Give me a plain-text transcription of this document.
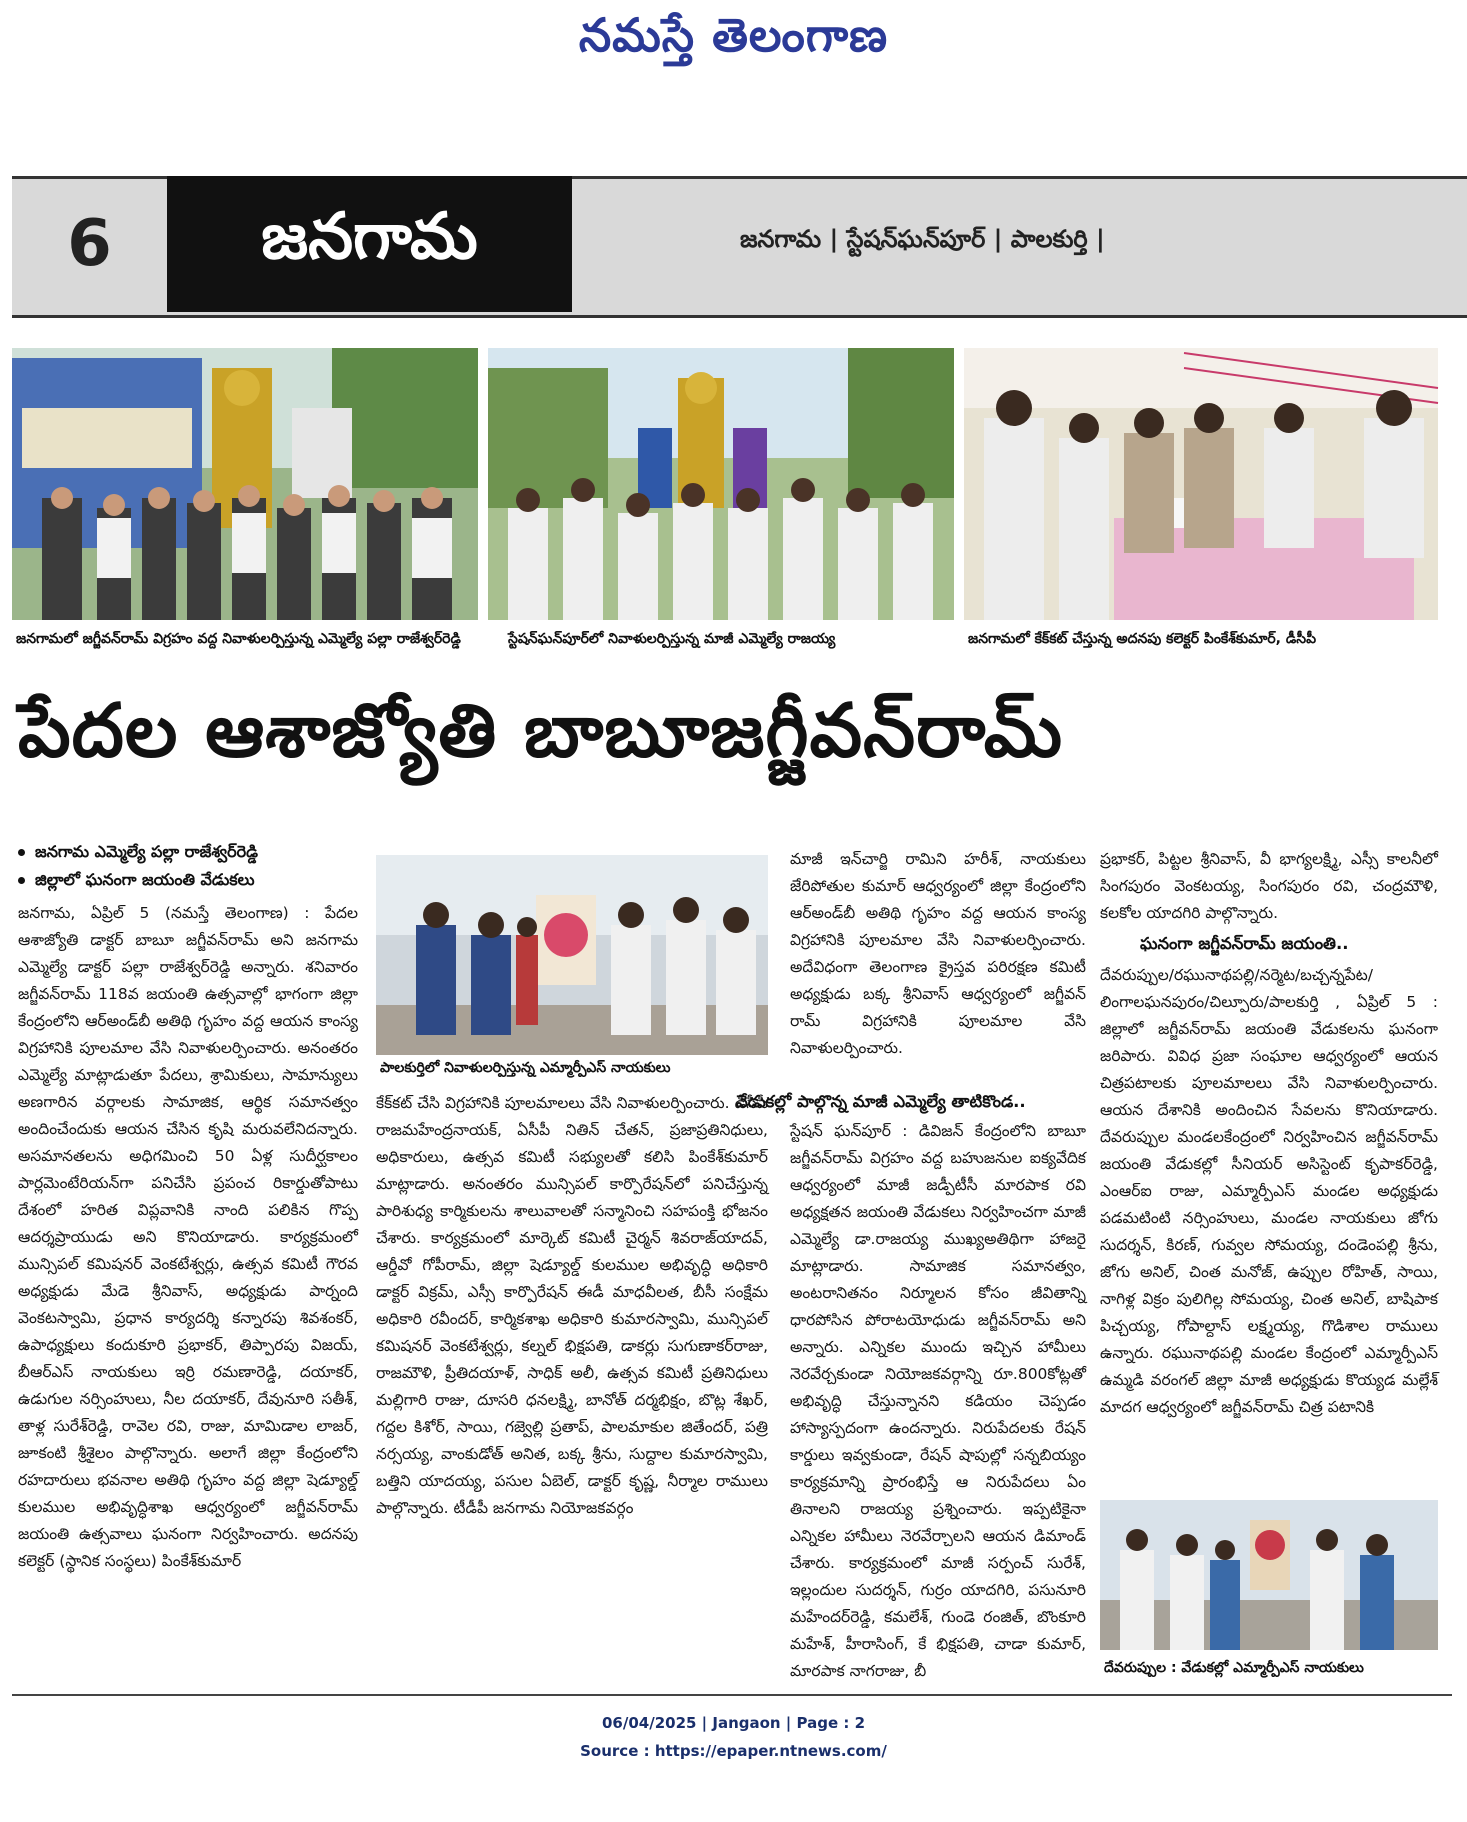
నమస్తే తెలంగాణ
6	జనగామ	జనగామ | స్టేషన్‌ఘన్‌పూర్ | పాలకుర్తి |
జనగామలో జగ్జీవన్‌రామ్ విగ్రహం వద్ద నివాళులర్పిస్తున్న ఎమ్మెల్యే పల్లా రాజేశ్వర్‌రెడ్డి	స్టేషన్‌ఘన్‌పూర్‌లో నివాళులర్పిస్తున్న మాజీ ఎమ్మెల్యే రాజయ్య	జనగామలో కేక్‌కట్ చేస్తున్న అదనపు కలెక్టర్ పింకేశ్‌కుమార్, డీసీపీ
పేదల ఆశాజ్యోతి బాబూజగ్జీవన్‌రామ్
జనగామ ఎమ్మెల్యే పల్లా రాజేశ్వర్‌రెడ్డి
జిల్లాలో ఘనంగా జయంతి వేడుకలు
జనగామ, ఏప్రిల్ 5 (నమస్తే తెలంగాణ) : పేదల ఆశాజ్యోతి డాక్టర్ బాబూ జగ్జీవన్‌రామ్ అని జనగామ ఎమ్మెల్యే డాక్టర్ పల్లా రాజేశ్వర్‌రెడ్డి అన్నారు. శనివారం జగ్జీవన్‌రామ్ 118వ జయంతి ఉత్సవాల్లో భాగంగా జిల్లా కేంద్రంలోని ఆర్‌అండ్‌బీ అతిథి గృహం వద్ద ఆయన కాంస్య విగ్రహానికి పూలమాల వేసి నివాళులర్పించారు. అనంతరం ఎమ్మెల్యే మాట్లాడుతూ పేదలు, శ్రామికులు, సామాన్యులు అణగారిన వర్గాలకు సామాజిక, ఆర్థిక సమానత్వం అందించేందుకు ఆయన చేసిన కృషి మరువలేనిదన్నారు. అసమానతలను అధిగమించి 50 ఏళ్ల సుదీర్ఘకాలం పార్లమెంటేరియన్‌గా పనిచేసి ప్రపంచ రికార్డుతోపాటు దేశంలో హరిత విప్లవానికి నాంది పలికిన గొప్ప ఆదర్శప్రాయుడు అని కొనియాడారు. కార్యక్రమంలో మున్సిపల్ కమిషనర్ వెంకటేశ్వర్లు, ఉత్సవ కమిటీ గౌరవ అధ్యక్షుడు మేడె శ్రీనివాస్, అధ్యక్షుడు పార్నంది వెంకటస్వామి, ప్రధాన కార్యదర్శి కన్నారపు శివశంకర్, ఉపాధ్యక్షులు కందుకూరి ప్రభాకర్, తిప్పారపు విజయ్, బీఆర్‌ఎస్ నాయకులు ఇర్రి రమణారెడ్డి, దయాకర్, ఉడుగుల నర్సింహులు, నీల దయాకర్, దేవునూరి సతీశ్, తాళ్ల సురేశ్‌రెడ్డి, రావెల రవి, రాజు, మామిడాల లాజర్, జూకంటి శ్రీశైలం పాల్గొన్నారు. అలాగే జిల్లా కేంద్రంలోని రహదారులు భవనాల అతిథి గృహం వద్ద జిల్లా షెడ్యూల్డ్ కులముల అభివృద్ధిశాఖ ఆధ్వర్యంలో జగ్జీవన్‌రామ్ జయంతి ఉత్సవాలు ఘనంగా నిర్వహించారు. అదనపు కలెక్టర్ (స్థానిక సంస్థలు) పింకేశ్‌కుమార్
పాలకుర్తిలో నివాళులర్పిస్తున్న ఎమ్మార్పీఎస్ నాయకులు
కేక్‌కట్ చేసి విగ్రహానికి పూలమాలలు వేసి నివాళులర్పించారు. డీసీపీ రాజమహేంద్రనాయక్, ఏసీపీ నితిన్ చేతన్, ప్రజాప్రతినిధులు, అధికారులు, ఉత్సవ కమిటీ సభ్యులతో కలిసి పింకేశ్‌కుమార్ మాట్లాడారు. అనంతరం మున్సిపల్ కార్పొరేషన్‌లో పనిచేస్తున్న పారిశుధ్య కార్మికులను శాలువాలతో సన్మానించి సహపంక్తి భోజనం చేశారు. కార్యక్రమంలో మార్కెట్ కమిటీ చైర్మన్ శివరాజ్‌యాదవ్, ఆర్డీవో గోపీరామ్, జిల్లా షెడ్యూల్డ్ కులముల అభివృద్ధి అధికారి డాక్టర్ విక్రమ్, ఎస్సీ కార్పొరేషన్ ఈడీ మాధవీలత, బీసీ సంక్షేమ అధికారి రవీందర్, కార్మికశాఖ అధికారి కుమారస్వామి, మున్సిపల్ కమిషనర్ వెంకటేశ్వర్లు, కల్నల్ భిక్షపతి, డాకర్లు సుగుణాకర్‌రాజు, రాజమౌళి, ప్రీతిదయాళ్, సాధిక్ అలీ, ఉత్సవ కమిటీ ప్రతినిధులు మల్లిగారి రాజు, దూసరి ధనలక్ష్మి, బానోత్ దర్మభిక్షం, బొట్ల శేఖర్, గద్దల కిశోర్, సాయి, గజ్వెల్లి ప్రతాప్, పాలమాకుల జితేందర్, పత్రి నర్సయ్య, వాంకుడోత్ అనిత, బక్క శ్రీను, సుద్దాల కుమారస్వామి, బత్తిని యాదయ్య, పసుల ఏబెల్, డాక్టర్ కృష్ణ, నీర్మాల రాములు పాల్గొన్నారు. టీడీపీ జనగామ నియోజకవర్గం
మాజీ ఇన్‌చార్జి రామిని హరీశ్, నాయకులు జేరిపోతుల కుమార్ ఆధ్వర్యంలో జిల్లా కేంద్రంలోని ఆర్‌అండ్‌బీ అతిథి గృహం వద్ద ఆయన కాంస్య విగ్రహానికి పూలమాల వేసి నివాళులర్పించారు. అదేవిధంగా తెలంగాణ క్రైస్తవ పరిరక్షణ కమిటీ అధ్యక్షుడు బక్క శ్రీనివాస్ ఆధ్వర్యంలో జగ్జీవన్ రామ్ విగ్రహానికి పూలమాల వేసి నివాళులర్పించారు.
వేడుకల్లో పాల్గొన్న మాజీ ఎమ్మెల్యే తాటికొండ..
స్టేషన్ ఘన్‌పూర్ : డివిజన్ కేంద్రంలోని బాబూ జగ్జీవన్‌రామ్ విగ్రహం వద్ద బహుజనుల ఐక్యవేదిక ఆధ్వర్యంలో మాజీ జడ్పీటీసీ మారపాక రవి అధ్యక్షతన జయంతి వేడుకలు నిర్వహించగా మాజీ ఎమ్మెల్యే డా.రాజయ్య ముఖ్యఅతిథిగా హాజరై మాట్లాడారు. సామాజిక సమానత్వం, అంటరానితనం నిర్మూలన కోసం జీవితాన్ని ధారపోసిన పోరాటయోధుడు జగ్జీవన్‌రామ్ అని అన్నారు. ఎన్నికల ముందు ఇచ్చిన హామీలు నెరవేర్చకుండా నియోజకవర్గాన్ని రూ.800కోట్లతో అభివృద్ధి చేస్తున్నానని కడియం చెప్పడం హాస్యాస్పదంగా ఉందన్నారు. నిరుపేదలకు రేషన్ కార్డులు ఇవ్వకుండా, రేషన్ షాపుల్లో సన్నబియ్యం కార్యక్రమాన్ని ప్రారంభిస్తే ఆ నిరుపేదలు ఏం తినాలని రాజయ్య ప్రశ్నించారు. ఇప్పటికైనా ఎన్నికల హామీలు నెరవేర్చాలని ఆయన డిమాండ్ చేశారు. కార్యక్రమంలో మాజీ సర్పంచ్ సురేశ్, ఇల్లందుల సుదర్శన్, గుర్రం యాదగిరి, పసునూరి మహేందర్‌రెడ్డి, కమలేశ్, గుండె రంజిత్, బొంకూరి మహేశ్, హీరాసింగ్, కే భిక్షపతి, చాడా కుమార్, మారపాక నాగరాజు, బీ
ప్రభాకర్, పిట్టల శ్రీనివాస్, వీ భాగ్యలక్ష్మి, ఎస్సీ కాలనీలో సింగపురం వెంకటయ్య, సింగపురం రవి, చంద్రమౌళి, కలకోల యాదగిరి పాల్గొన్నారు.
ఘనంగా జగ్జీవన్‌రామ్ జయంతి..
దేవరుప్పుల/రఘునాథపల్లి/నర్మెట/బచ్చన్నపేట/లింగాలఘనపురం/చిల్పూరు/పాలకుర్తి , ఏప్రిల్ 5 : జిల్లాలో జగ్జీవన్‌రామ్ జయంతి వేడుకలను ఘనంగా జరిపారు. వివిధ ప్రజా సంఘాల ఆధ్వర్యంలో ఆయన చిత్రపటాలకు పూలమాలలు వేసి నివాళులర్పించారు. ఆయన దేశానికి అందించిన సేవలను కొనియాడారు. దేవరుప్పుల మండలకేంద్రంలో నిర్వహించిన జగ్జీవన్‌రామ్ జయంతి వేడుకల్లో సీనియర్ అసిస్టెంట్ కృపాకర్‌రెడ్డి, ఎంఆర్‌ఐ రాజు, ఎమ్మార్పీఎస్ మండల అధ్యక్షుడు పడమటింటి నర్సింహులు, మండల నాయకులు జోగు సుదర్శన్, కిరణ్, గువ్వల సోమయ్య, దండెంపల్లి శ్రీను, జోగు అనిల్, చింత మనోజ్, ఉప్పుల రోహిత్, సాయి, నాగిళ్ల విక్రం పులిగిల్ల సోమయ్య, చింత అనిల్, బాషిపాక పిచ్చయ్య, గోపాల్దాస్ లక్ష్మయ్య, గొడిశాల రాములు ఉన్నారు. రఘునాథపల్లి మండల కేంద్రంలో ఎమ్మార్పీఎస్ ఉమ్మడి వరంగల్ జిల్లా మాజీ అధ్యక్షుడు కొయ్యడ మల్లేశ్ మాదగ ఆధ్వర్యంలో జగ్జీవన్‌రామ్ చిత్ర పటానికి
06/04/2025 | Jangaon | Page : 2
Source : https://epaper.ntnews.com/
దేవరుప్పుల : వేడుకల్లో ఎమ్మార్పీఎస్ నాయకులు
